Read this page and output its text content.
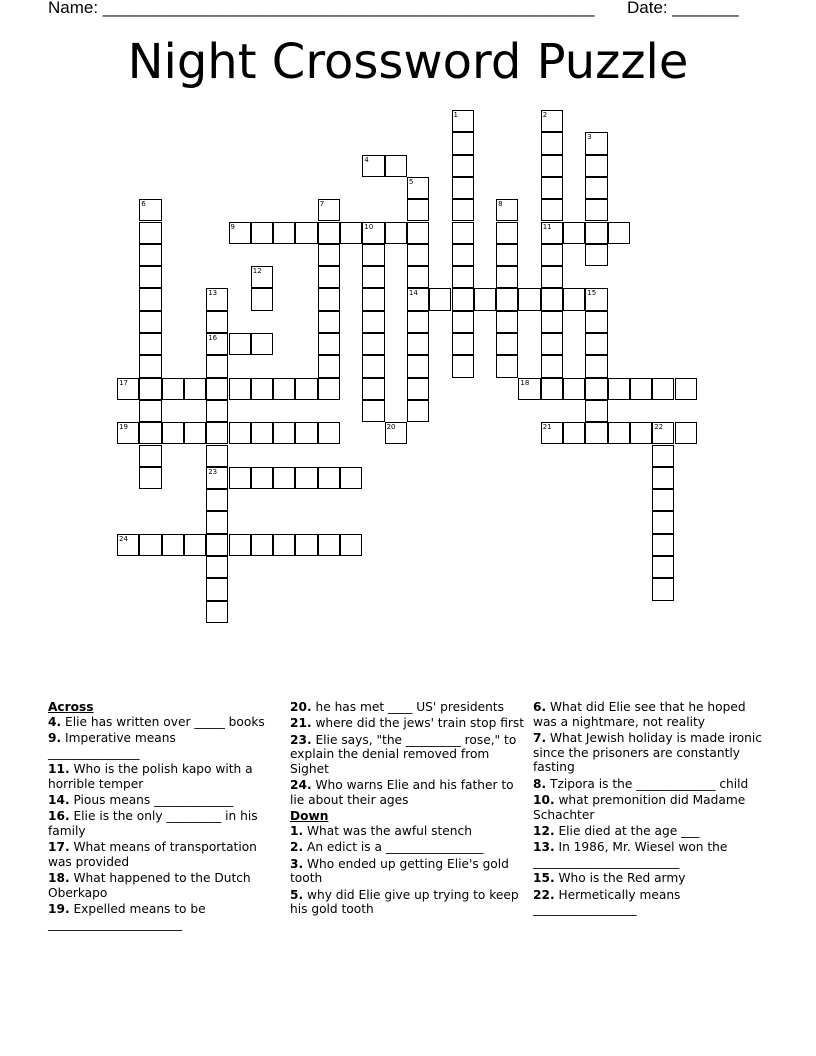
Name: ____________________________________________________ Date: _______
Night Crossword Puzzle
1	2
11
3
4
5
14
6	7	8
9	10
12
13
16
23
15
17	18
19	20	21	22
24
Across
4. Elie has written over _____ books
9. Imperative means _______________
11. Who is the polish kapo with a horrible temper
14. Pious means _____________
16. Elie is the only _________ in his family
17. What means of transportation was provided
18. What happened to the Dutch Oberkapo
19. Expelled means to be ______________________
20. he has met ____ US' presidents
21. where did the jews' train stop first
23. Elie says, "the _________ rose," to explain the denial removed from Sighet
24. Who warns Elie and his father to lie about their ages
Down
1. What was the awful stench
2. An edict is a ________________
3. Who ended up getting Elie's gold tooth
5. why did Elie give up trying to keep his gold tooth
6. What did Elie see that he hoped was a nightmare, not reality
7. What Jewish holiday is made ironic since the prisoners are constantly fasting
8. Tzipora is the _____________ child
10. what premonition did Madame Schachter
12. Elie died at the age ___
13. In 1986, Mr. Wiesel won the ________________________
15. Who is the Red army
22. Hermetically means _________________
